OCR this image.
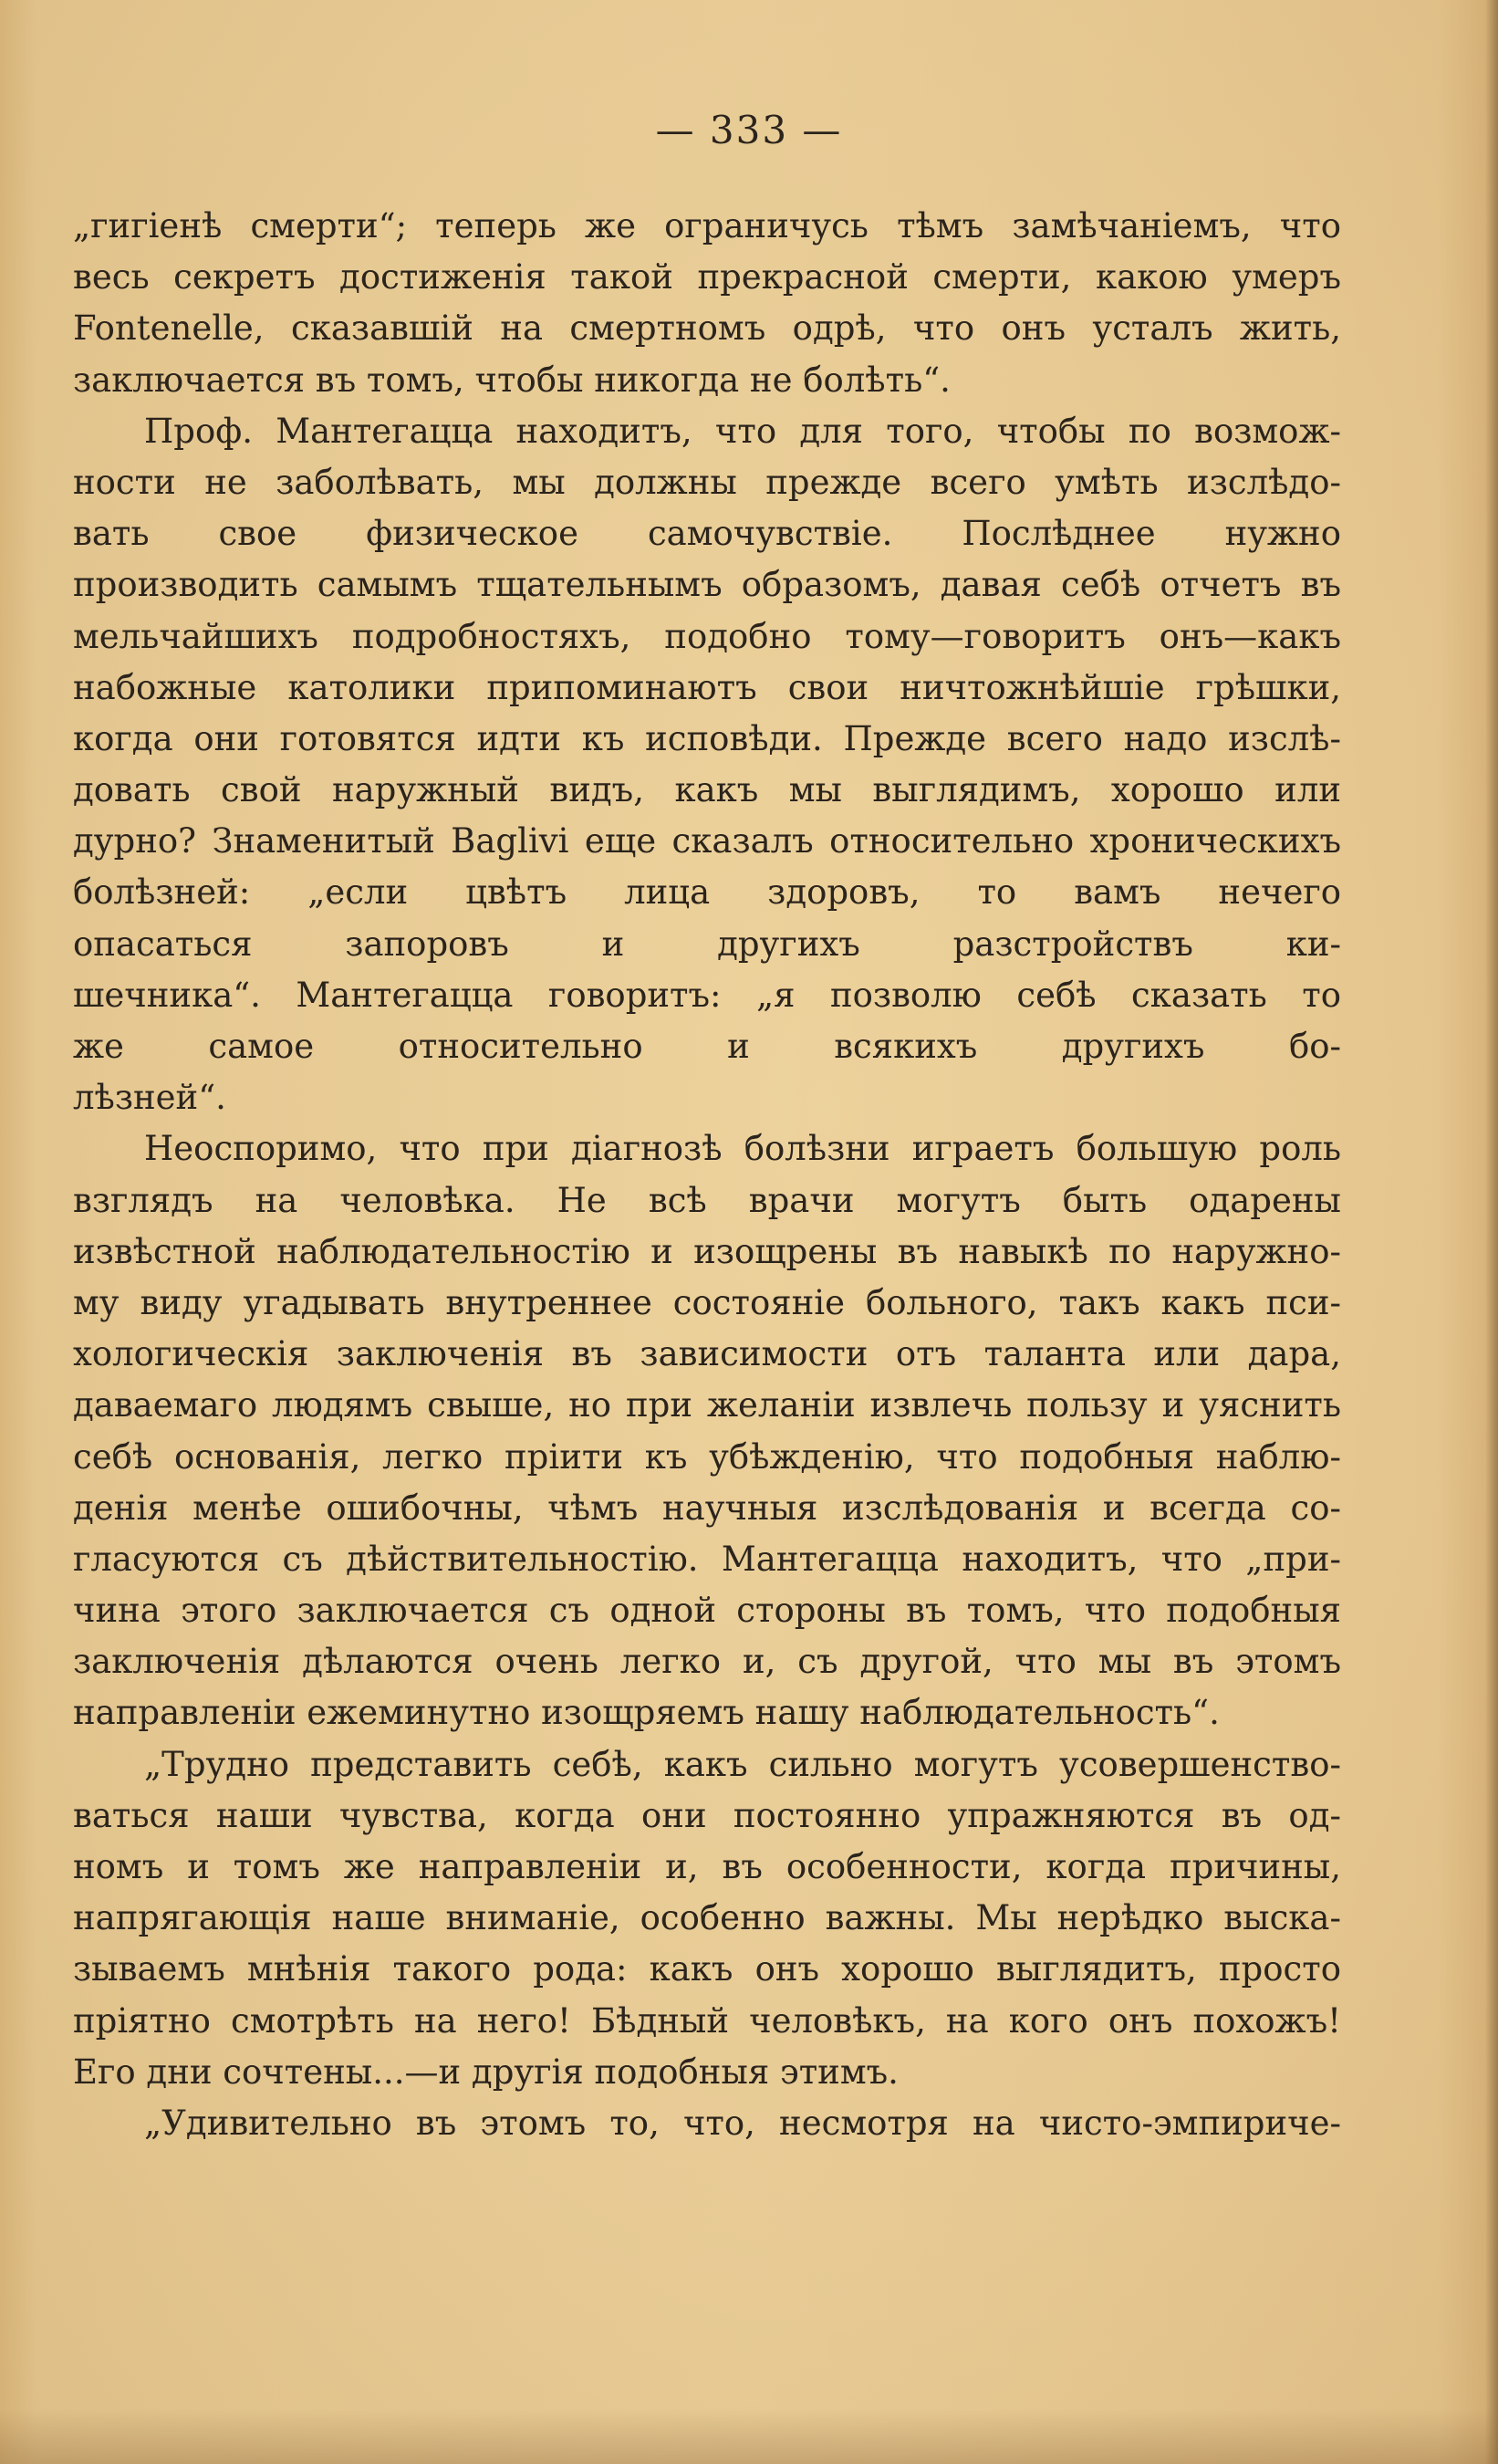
— 333 —
„гигіенѣ смерти“; теперь же ограничусь тѣмъ замѣчаніемъ, что
весь секретъ достиженія такой прекрасной смерти, какою умеръ
Fontenelle, сказавшій на смертномъ одрѣ, что онъ усталъ жить,
заключается въ томъ, чтобы никогда не болѣть“.
Проф. Мантегацца находитъ, что для того, чтобы по возмож-
ности не заболѣвать, мы должны прежде всего умѣть изслѣдо-
вать свое физическое самочувствіе. Послѣднее нужно
производить самымъ тщательнымъ образомъ, давая себѣ отчетъ въ
мельчайшихъ подробностяхъ, подобно тому—говоритъ онъ—какъ
набожные католики припоминаютъ свои ничтожнѣйшіе грѣшки,
когда они готовятся идти къ исповѣди. Прежде всего надо изслѣ-
довать свой наружный видъ, какъ мы выглядимъ, хорошо или
дурно? Знаменитый Baglivi еще сказалъ относительно хроническихъ
болѣзней: „если цвѣтъ лица здоровъ, то вамъ нечего
опасаться запоровъ и другихъ разстройствъ ки-
шечника“. Мантегацца говоритъ: „я позволю себѣ сказать то
же самое относительно и всякихъ другихъ бо-
лѣзней“.
Неоспоримо, что при діагнозѣ болѣзни играетъ большую роль
взглядъ на человѣка. Не всѣ врачи могутъ быть одарены
извѣстной наблюдательностію и изощрены въ навыкѣ по наружно-
му виду угадывать внутреннее состояніе больного, такъ какъ пси-
хологическія заключенія въ зависимости отъ таланта или дара,
даваемаго людямъ свыше, но при желаніи извлечь пользу и уяснить
себѣ основанія, легко пріити къ убѣжденію, что подобныя наблю-
денія менѣе ошибочны, чѣмъ научныя изслѣдованія и всегда со-
гласуются съ дѣйствительностію. Мантегацца находитъ, что „при-
чина этого заключается съ одной стороны въ томъ, что подобныя
заключенія дѣлаются очень легко и, съ другой, что мы въ этомъ
направленіи ежеминутно изощряемъ нашу наблюдательность“.
„Трудно представить себѣ, какъ сильно могутъ усовершенство-
ваться наши чувства, когда они постоянно упражняются въ од-
номъ и томъ же направленіи и, въ особенности, когда причины,
напрягающія наше вниманіе, особенно важны. Мы нерѣдко выска-
зываемъ мнѣнія такого рода: какъ онъ хорошо выглядитъ, просто
пріятно смотрѣть на него! Бѣдный человѣкъ, на кого онъ похожъ!
Его дни сочтены...—и другія подобныя этимъ.
„Удивительно въ этомъ то, что, несмотря на чисто-эмпириче-
